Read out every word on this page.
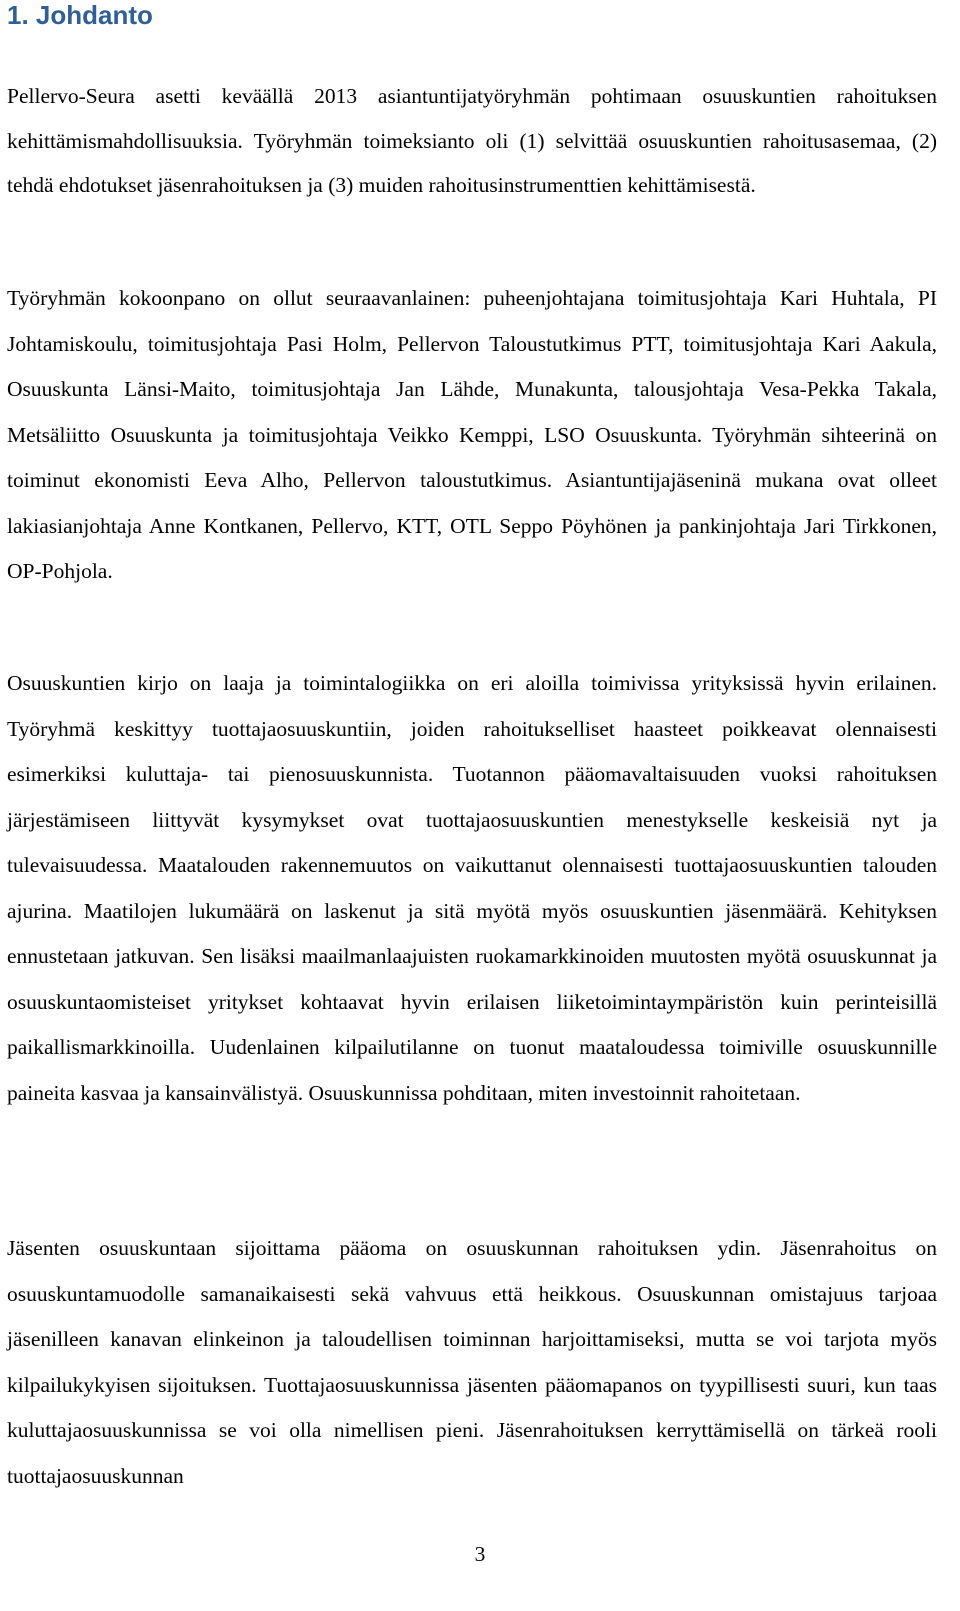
1. Johdanto

Pellervo-Seura asetti keväällä 2013 asiantuntijatyöryhmän pohtimaan osuuskuntien rahoituksen kehittämismahdollisuuksia. Työryhmän toimeksianto oli (1) selvittää osuuskuntien rahoitusasemaa, (2) tehdä ehdotukset jäsenrahoituksen ja (3) muiden rahoitusinstrumenttien kehittämisestä.

Työryhmän kokoonpano on ollut seuraavanlainen: puheenjohtajana toimitusjohtaja Kari Huhtala, PI Johtamiskoulu, toimitusjohtaja Pasi Holm, Pellervon Taloustutkimus PTT, toimitusjohtaja Kari Aakula, Osuuskunta Länsi-Maito, toimitusjohtaja Jan Lähde, Munakunta, talousjohtaja Vesa-Pekka Takala, Metsäliitto Osuuskunta ja toimitusjohtaja Veikko Kemppi, LSO Osuuskunta. Työryhmän sihteerinä on toiminut ekonomisti Eeva Alho, Pellervon taloustutkimus. Asiantuntijajäseninä mukana ovat olleet lakiasianjohtaja Anne Kontkanen, Pellervo, KTT, OTL Seppo Pöyhönen ja pankinjohtaja Jari Tirkkonen, OP-Pohjola.

Osuuskuntien kirjo on laaja ja toimintalogiikka on eri aloilla toimivissa yrityksissä hyvin erilainen. Työryhmä keskittyy tuottajaosuuskuntiin, joiden rahoitukselliset haasteet poikkeavat olennaisesti esimerkiksi kuluttaja- tai pienosuuskunnista. Tuotannon pääomavaltaisuuden vuoksi rahoituksen järjestämiseen liittyvät kysymykset ovat tuottajaosuuskuntien menestykselle keskeisiä nyt ja tulevaisuudessa. Maatalouden rakennemuutos on vaikuttanut olennaisesti tuottajaosuuskuntien talouden ajurina. Maatilojen lukumäärä on laskenut ja sitä myötä myös osuuskuntien jäsenmäärä. Kehityksen ennustetaan jatkuvan. Sen lisäksi maailmanlaajuisten ruokamarkkinoiden muutosten myötä osuuskunnat ja osuuskuntaomisteiset yritykset kohtaavat hyvin erilaisen liiketoimintaympäristön kuin perinteisillä paikallismarkkinoilla. Uudenlainen kilpailutilanne on tuonut maataloudessa toimiville osuuskunnille paineita kasvaa ja kansainvälistyä. Osuuskunnissa pohditaan, miten investoinnit rahoitetaan.

Jäsenten osuuskuntaan sijoittama pääoma on osuuskunnan rahoituksen ydin. Jäsenrahoitus on osuuskuntamuodolle samanaikaisesti sekä vahvuus että heikkous. Osuuskunnan omistajuus tarjoaa jäsenilleen kanavan elinkeinon ja taloudellisen toiminnan harjoittamiseksi, mutta se voi tarjota myös kilpailukykyisen sijoituksen. Tuottajaosuuskunnissa jäsenten pääomapanos on tyypillisesti suuri, kun taas kuluttajaosuuskunnissa se voi olla nimellisen pieni. Jäsenrahoituksen kerryttämisellä on tärkeä rooli tuottajaosuuskunnan

3
